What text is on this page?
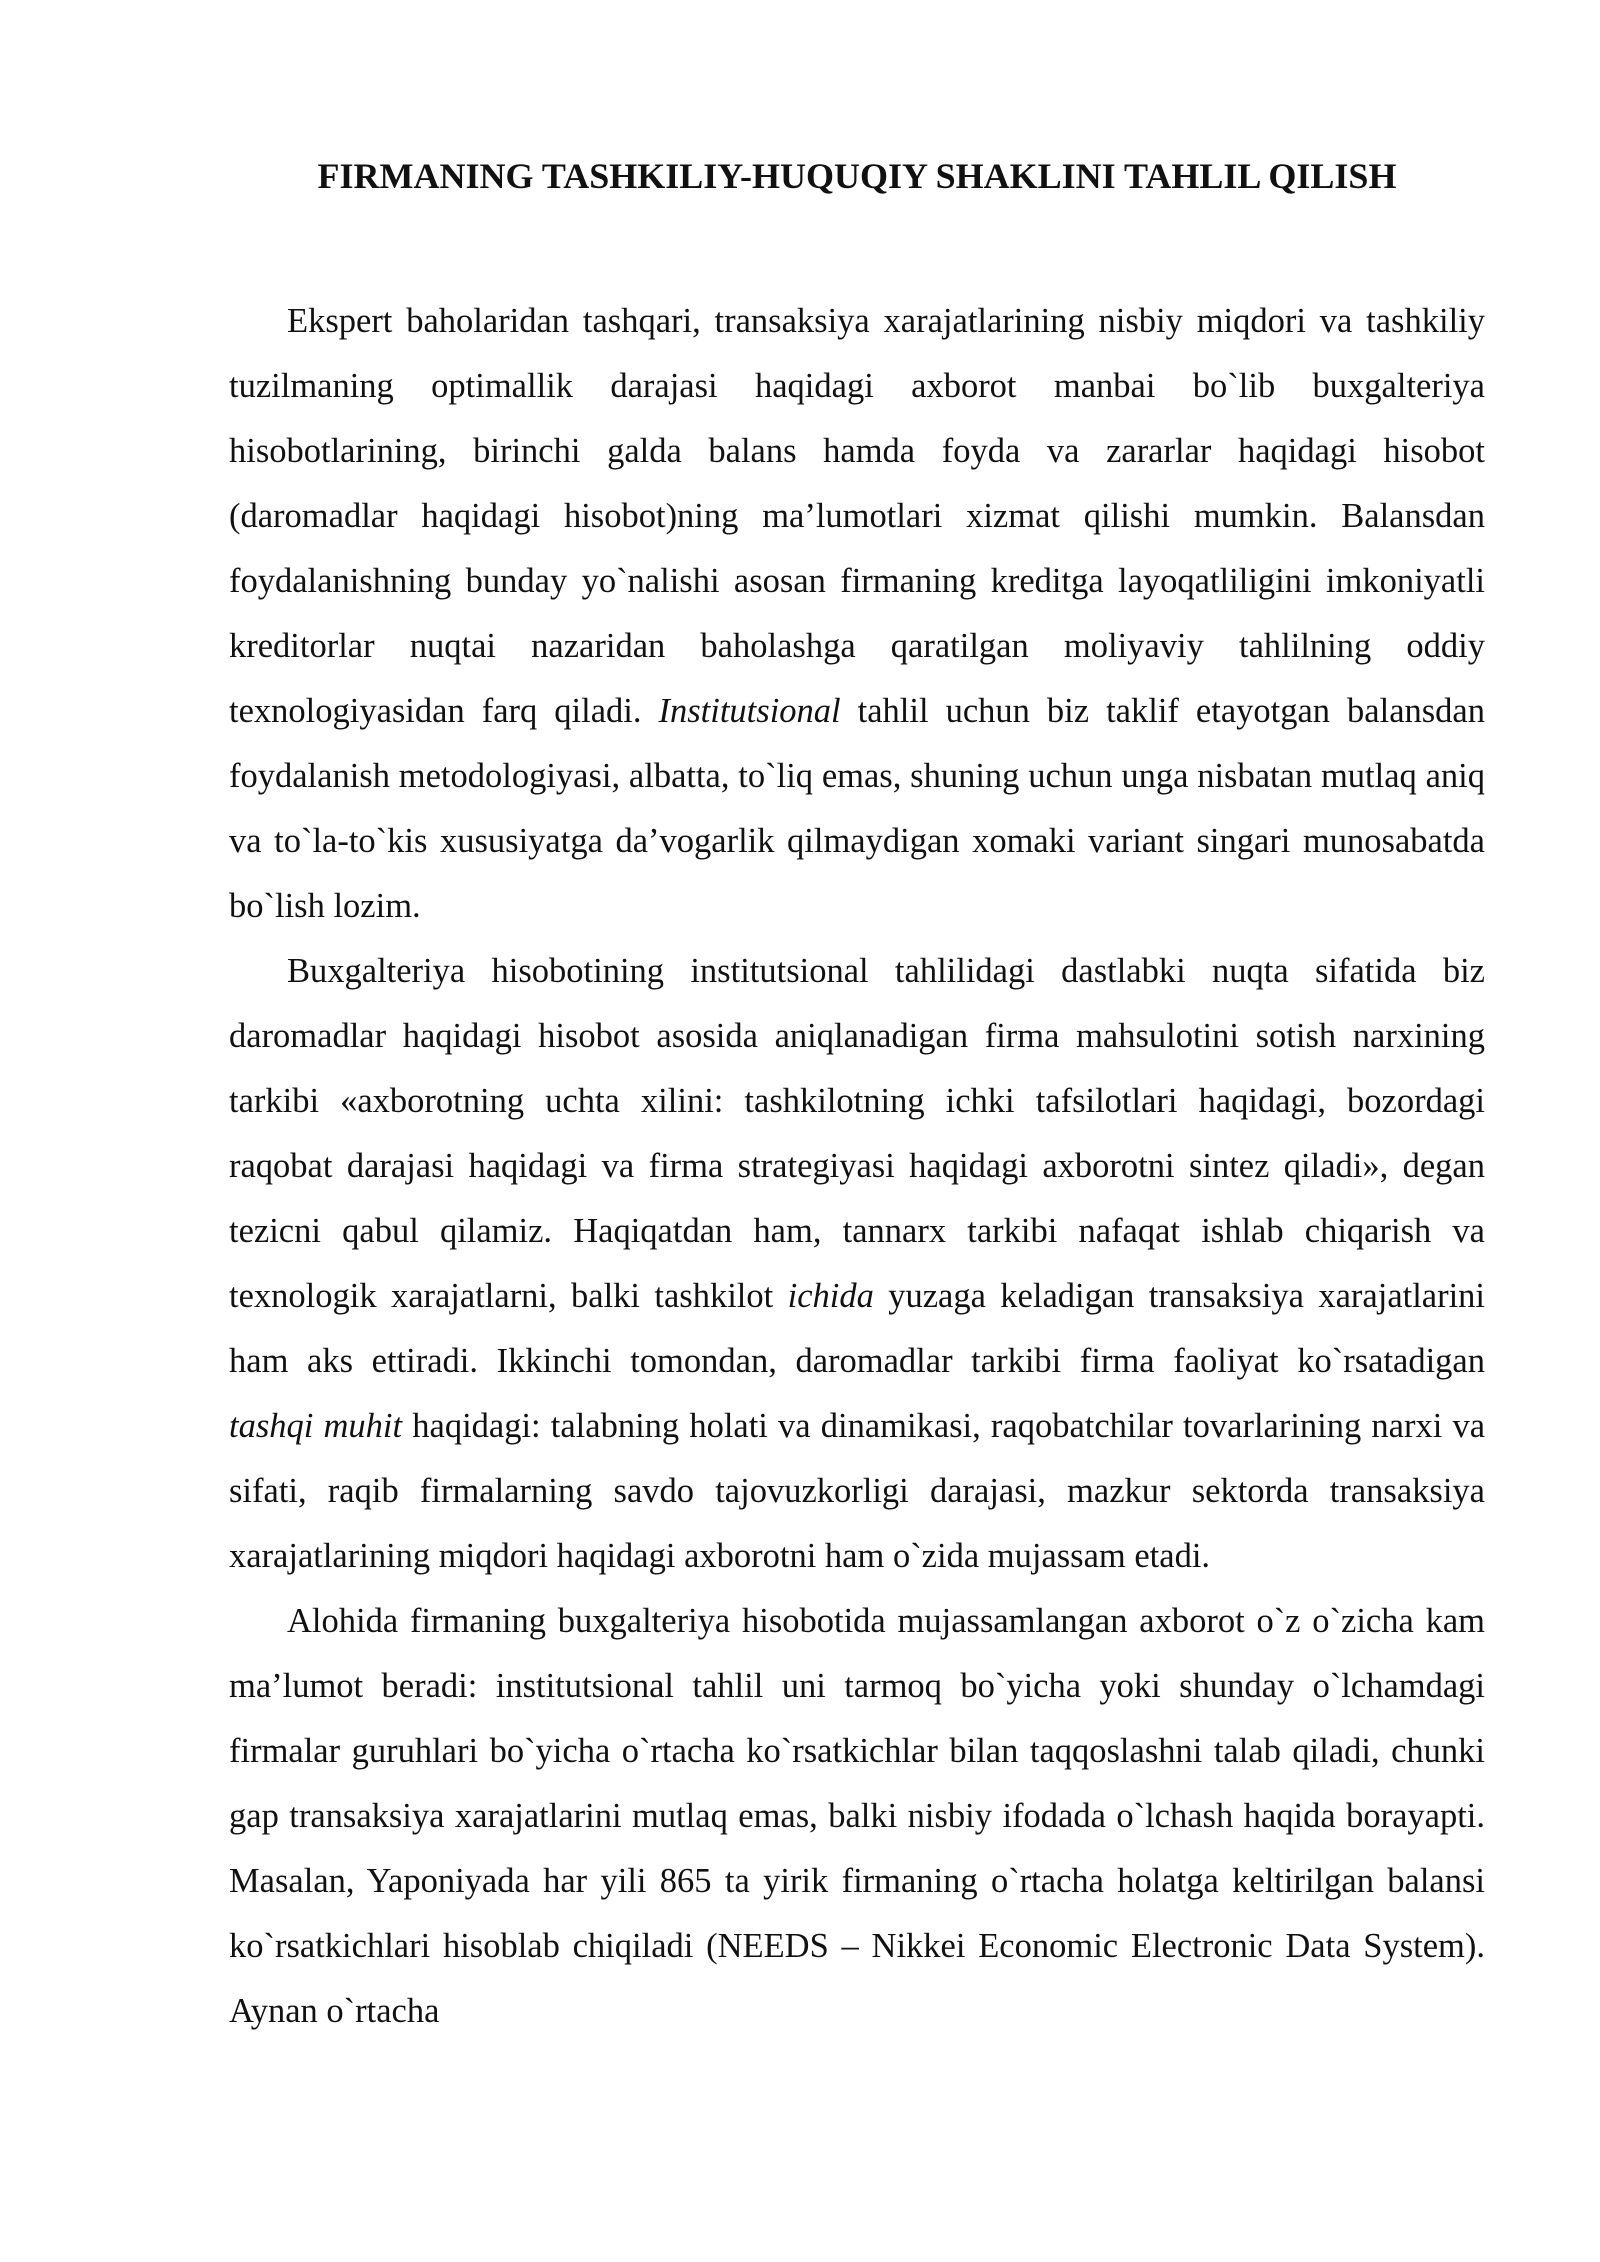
FIRMANING TASHKILIY-HUQUQIY SHAKLINI TAHLIL QILISH

Ekspert baholaridan tashqari, transaksiya xarajatlarining nisbiy miqdori va tashkiliy tuzilmaning optimallik darajasi haqidagi axborot manbai bo`lib buxgalteriya hisobotlarining, birinchi galda balans hamda foyda va zararlar haqidagi hisobot (daromadlar haqidagi hisobot)ning ma’lumotlari xizmat qilishi mumkin. Balansdan foydalanishning bunday yo`nalishi asosan firmaning kreditga layoqatliligini imkoniyatli kreditorlar nuqtai nazaridan baholashga qaratilgan moliyaviy tahlilning oddiy texnologiyasidan farq qiladi. Institutsional tahlil uchun biz taklif etayotgan balansdan foydalanish metodologiyasi, albatta, to`liq emas, shuning uchun unga nisbatan mutlaq aniq va to`la-to`kis xususiyatga da’vogarlik qilmaydigan xomaki variant singari munosabatda bo`lish lozim.

Buxgalteriya hisobotining institutsional tahlilidagi dastlabki nuqta sifatida biz daromadlar haqidagi hisobot asosida aniqlanadigan firma mahsulotini sotish narxining tarkibi «axborotning uchta xilini: tashkilotning ichki tafsilotlari haqidagi, bozordagi raqobat darajasi haqidagi va firma strategiyasi haqidagi axborotni sintez qiladi», degan tezicni qabul qilamiz. Haqiqatdan ham, tannarx tarkibi nafaqat ishlab chiqarish va texnologik xarajatlarni, balki tashkilot ichida yuzaga keladigan transaksiya xarajatlarini ham aks ettiradi. Ikkinchi tomondan, daromadlar tarkibi firma faoliyat ko`rsatadigan tashqi muhit haqidagi: talabning holati va dinamikasi, raqobatchilar tovarlarining narxi va sifati, raqib firmalarning savdo tajovuzkorligi darajasi, mazkur sektorda transaksiya xarajatlarining miqdori haqidagi axborotni ham o`zida mujassam etadi.

Alohida firmaning buxgalteriya hisobotida mujassamlangan axborot o`z o`zicha kam ma’lumot beradi: institutsional tahlil uni tarmoq bo`yicha yoki shunday o`lchamdagi firmalar guruhlari bo`yicha o`rtacha ko`rsatkichlar bilan taqqoslashni talab qiladi, chunki gap transaksiya xarajatlarini mutlaq emas, balki nisbiy ifodada o`lchash haqida borayapti. Masalan, Yaponiyada har yili 865 ta yirik firmaning o`rtacha holatga keltirilgan balansi ko`rsatkichlari hisoblab chiqiladi (NEEDS – Nikkei Economic Electronic Data System). Aynan o`rtacha
